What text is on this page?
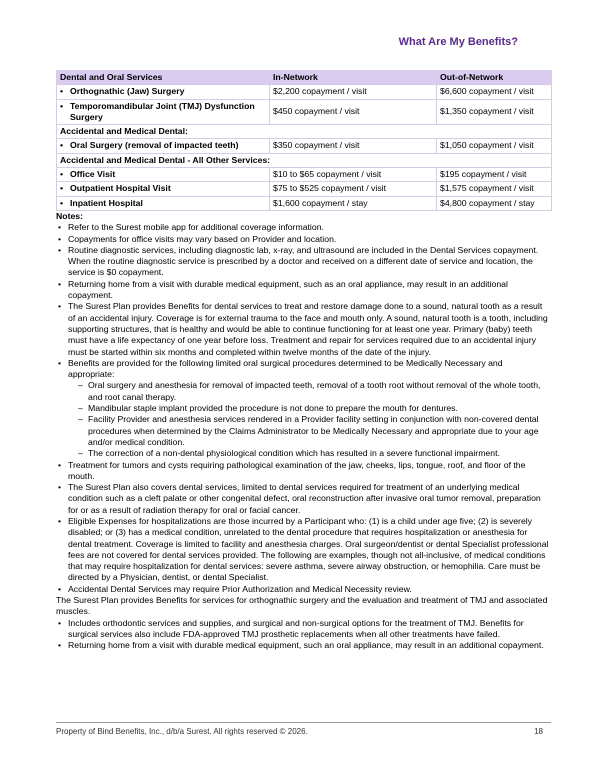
What Are My Benefits?
Dental and Oral Services	In-Network	Out-of-Network
• Orthognathic (Jaw) Surgery	$2,200 copayment / visit	$6,600 copayment / visit
• Temporomandibular Joint (TMJ) Dysfunction Surgery	$450 copayment / visit	$1,350 copayment / visit
Accidental and Medical Dental:		
• Oral Surgery (removal of impacted teeth)	$350 copayment / visit	$1,050 copayment / visit
Accidental and Medical Dental - All Other Services:		
• Office Visit	$10 to $65 copayment / visit	$195 copayment / visit
• Outpatient Hospital Visit	$75 to $525 copayment / visit	$1,575 copayment / visit
• Inpatient Hospital	$1,600 copayment / stay	$4,800 copayment / stay
Notes:
• Refer to the Surest mobile app for additional coverage information.
• Copayments for office visits may vary based on Provider and location.
• Routine diagnostic services, including diagnostic lab, x-ray, and ultrasound are included in the Dental Services copayment. When the routine diagnostic service is prescribed by a doctor and received on a different date of service and location, the service is $0 copayment.
• Returning home from a visit with durable medical equipment, such as an oral appliance, may result in an additional copayment.
• The Surest Plan provides Benefits for dental services to treat and restore damage done to a sound, natural tooth as a result of an accidental injury. Coverage is for external trauma to the face and mouth only. A sound, natural tooth is a tooth, including supporting structures, that is healthy and would be able to continue functioning for at least one year. Primary (baby) teeth must have a life expectancy of one year before loss. Treatment and repair for services required due to an accidental injury must be started within six months and completed within twelve months of the date of the injury.
• Benefits are provided for the following limited oral surgical procedures determined to be Medically Necessary and appropriate:
– Oral surgery and anesthesia for removal of impacted teeth, removal of a tooth root without removal of the whole tooth, and root canal therapy.
– Mandibular staple implant provided the procedure is not done to prepare the mouth for dentures.
– Facility Provider and anesthesia services rendered in a Provider facility setting in conjunction with non-covered dental procedures when determined by the Claims Administrator to be Medically Necessary and appropriate due to your age and/or medical condition.
– The correction of a non-dental physiological condition which has resulted in a severe functional impairment.
• Treatment for tumors and cysts requiring pathological examination of the jaw, cheeks, lips, tongue, roof, and floor of the mouth.
• The Surest Plan also covers dental services, limited to dental services required for treatment of an underlying medical condition such as a cleft palate or other congenital defect, oral reconstruction after invasive oral tumor removal, preparation for or as a result of radiation therapy for oral or facial cancer.
• Eligible Expenses for hospitalizations are those incurred by a Participant who: (1) is a child under age five; (2) is severely disabled; or (3) has a medical condition, unrelated to the dental procedure that requires hospitalization or anesthesia for dental treatment. Coverage is limited to facility and anesthesia charges. Oral surgeon/dentist or dental Specialist professional fees are not covered for dental services provided. The following are examples, though not all-inclusive, of medical conditions that may require hospitalization for dental services: severe asthma, severe airway obstruction, or hemophilia. Care must be directed by a Physician, dentist, or dental Specialist.
• Accidental Dental Services may require Prior Authorization and Medical Necessity review.
The Surest Plan provides Benefits for services for orthognathic surgery and the evaluation and treatment of TMJ and associated muscles.
• Includes orthodontic services and supplies, and surgical and non-surgical options for the treatment of TMJ. Benefits for surgical services also include FDA-approved TMJ prosthetic replacements when all other treatments have failed.
• Returning home from a visit with durable medical equipment, such an oral appliance, may result in an additional copayment.
Property of Bind Benefits, Inc., d/b/a Surest. All rights reserved © 2026.	18
